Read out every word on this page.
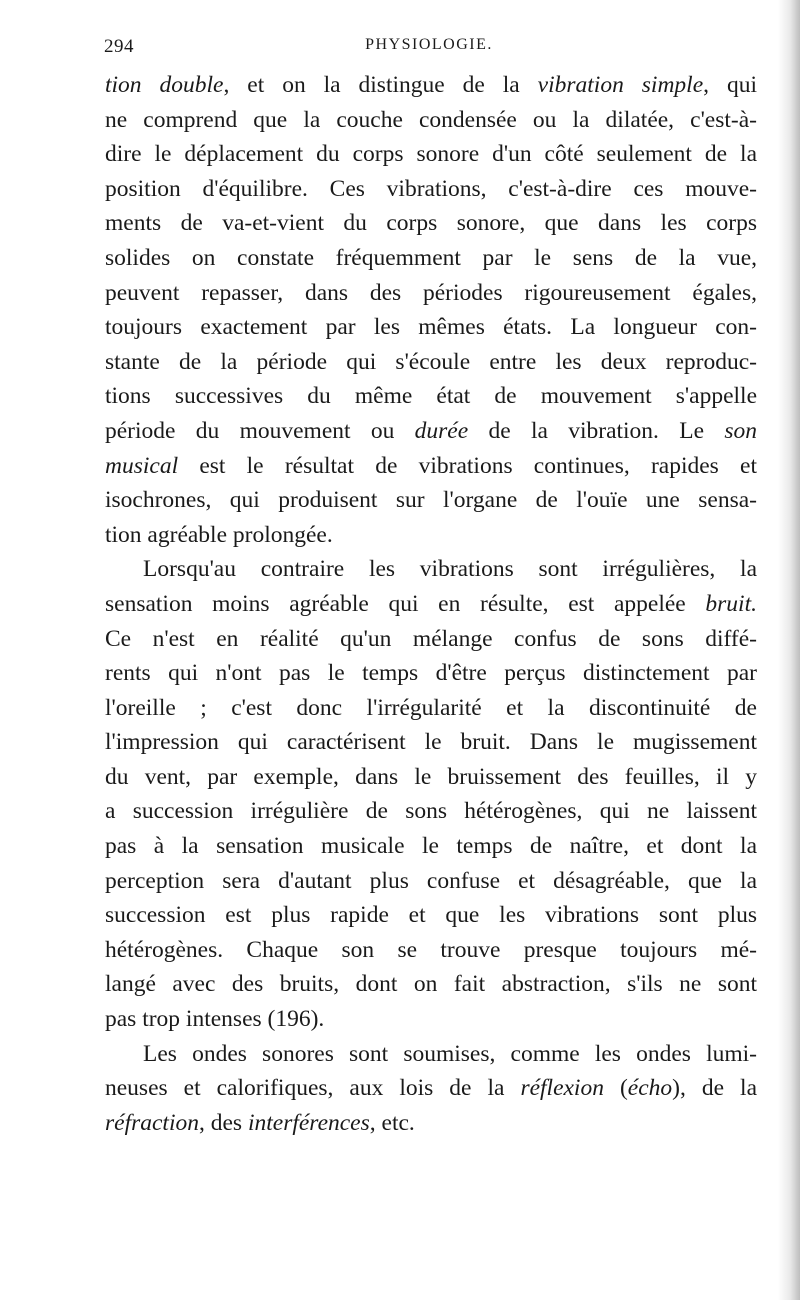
294	PHYSIOLOGIE.
tion double, et on la distingue de la vibration simple, qui
ne comprend que la couche condensée ou la dilatée, c'est-à-
dire le déplacement du corps sonore d'un côté seulement de la
position d'équilibre. Ces vibrations, c'est-à-dire ces mouve-
ments de va-et-vient du corps sonore, que dans les corps
solides on constate fréquemment par le sens de la vue,
peuvent repasser, dans des périodes rigoureusement égales,
toujours exactement par les mêmes états. La longueur con-
stante de la période qui s'écoule entre les deux reproduc-
tions successives du même état de mouvement s'appelle
période du mouvement ou durée de la vibration. Le son
musical est le résultat de vibrations continues, rapides et
isochrones, qui produisent sur l'organe de l'ouïe une sensa-
tion agréable prolongée.
Lorsqu'au contraire les vibrations sont irrégulières, la
sensation moins agréable qui en résulte, est appelée bruit.
Ce n'est en réalité qu'un mélange confus de sons diffé-
rents qui n'ont pas le temps d'être perçus distinctement par
l'oreille ; c'est donc l'irrégularité et la discontinuité de
l'impression qui caractérisent le bruit. Dans le mugissement
du vent, par exemple, dans le bruissement des feuilles, il y
a succession irrégulière de sons hétérogènes, qui ne laissent
pas à la sensation musicale le temps de naître, et dont la
perception sera d'autant plus confuse et désagréable, que la
succession est plus rapide et que les vibrations sont plus
hétérogènes. Chaque son se trouve presque toujours mé-
langé avec des bruits, dont on fait abstraction, s'ils ne sont
pas trop intenses (196).
Les ondes sonores sont soumises, comme les ondes lumi-
neuses et calorifiques, aux lois de la réflexion (écho), de la
réfraction, des interférences, etc.
